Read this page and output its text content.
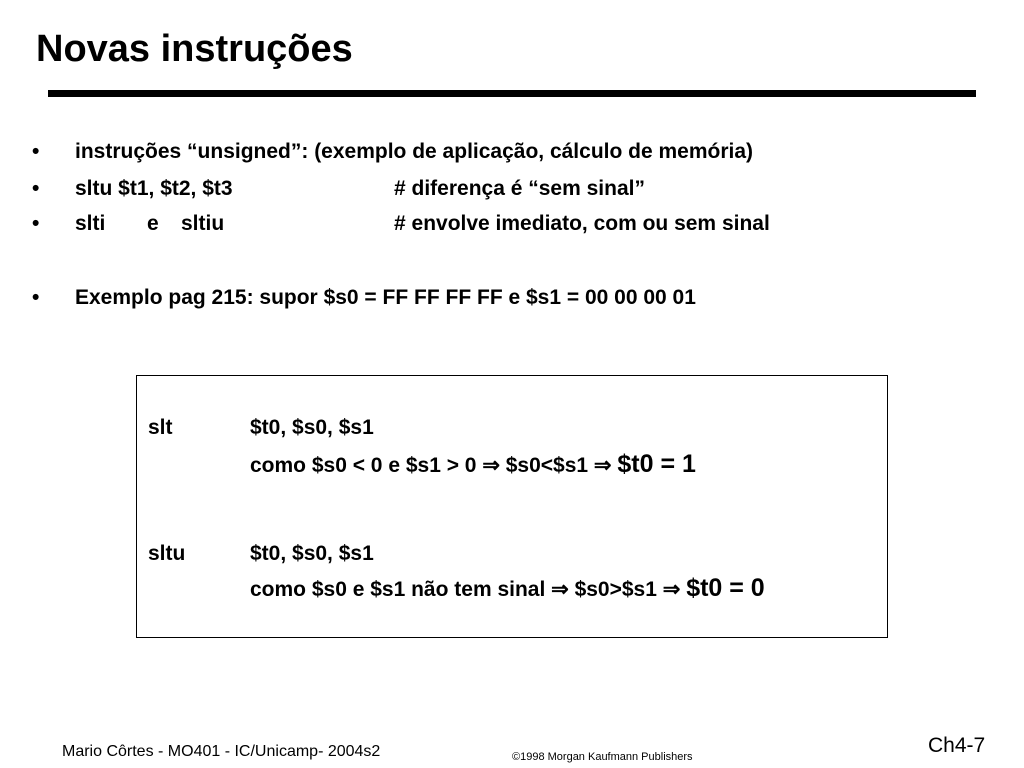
Novas instruções
• instruções “unsigned”: (exemplo de aplicação, cálculo de memória)
• sltu $t1, $t2, $t3	# diferença é “sem sinal”
• slti e sltiu	# envolve imediato, com ou sem sinal
• Exemplo pag 215: supor $s0 = FF FF FF FF e $s1 = 00 00 00 01
slt	$t0, $s0, $s1
como $s0 < 0 e $s1 > 0 ⇒ $s0<$s1 ⇒ $t0 = 1
sltu	$t0, $s0, $s1
como $s0 e $s1 não tem sinal ⇒ $s0>$s1 ⇒ $t0 = 0
Mario Côrtes - MO401 - IC/Unicamp- 2004s2	©1998 Morgan Kaufmann Publishers	Ch4-7
